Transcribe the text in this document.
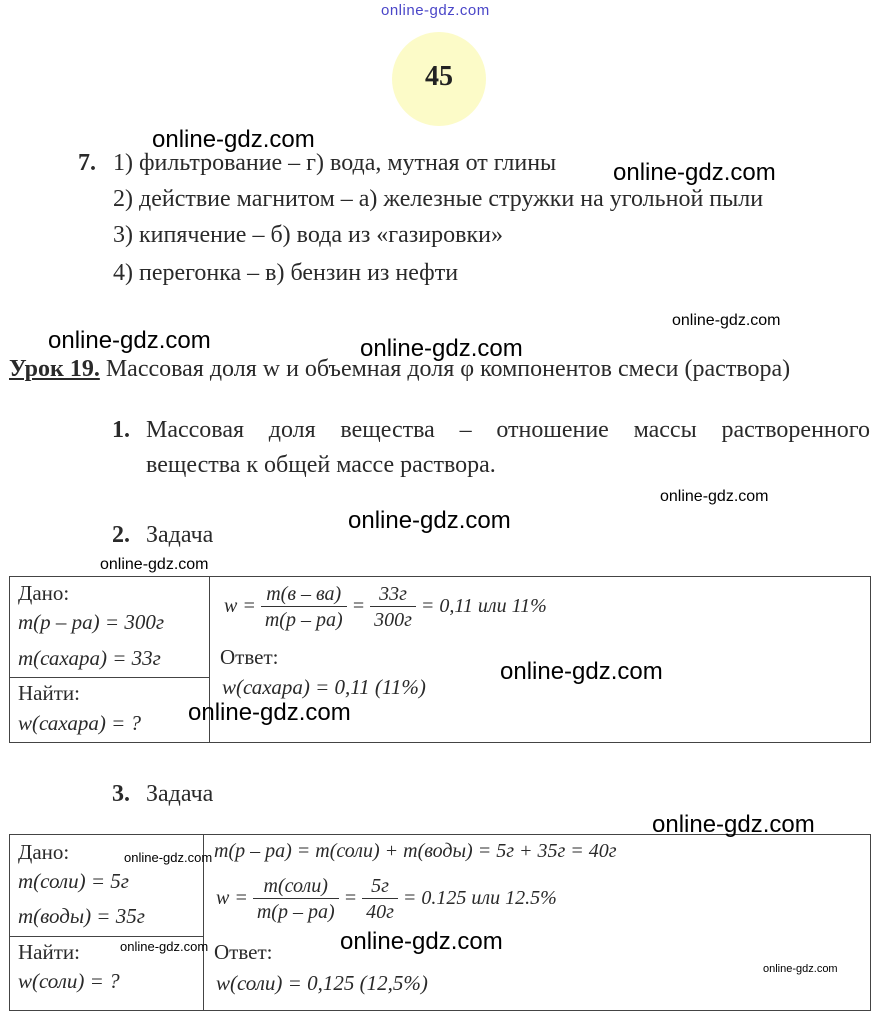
online-gdz.com
45
7. 1) фильтрование – г) вода, мутная от глины
2) действие магнитом – а) железные стружки на угольной пыли
3) кипячение – б) вода из «газировки»
4) перегонка – в) бензин из нефти
Урок 19. Массовая доля w и объемная доля φ компонентов смеси (раствора)
1. Массовая доля вещества – отношение массы растворенного
вещества к общей массе раствора.
2. Задача
Дано:
m(р – ра) = 300г
m(сахара) = 33г
Найти:
w(сахара) = ?
$w = \frac{m(в - ва)}{m(р - ра)} = \frac{33г}{300г} = 0,11$ или 11%
Ответ:
w(сахара) = 0,11 (11%)
3. Задача
Дано:
m(соли) = 5г
m(воды) = 35г
Найти:
w(соли) = ?
m(р – ра) = m(соли) + m(воды) = 5г + 35г = 40г
$w = \frac{\text{m(соли)}}{m(р - ра)} = \frac{5г}{40г} = 0.125$ или 12.5%
Ответ:
w(соли) = 0,125 (12,5%)
online-gdz.com
online-gdz.com
online-gdz.com
online-gdz.com
online-gdz.com
online-gdz.com
online-gdz.com
online-gdz.com
online-gdz.com
online-gdz.com
online-gdz.com
online-gdz.com
online-gdz.com	online-gdz.com
online-gdz.com
